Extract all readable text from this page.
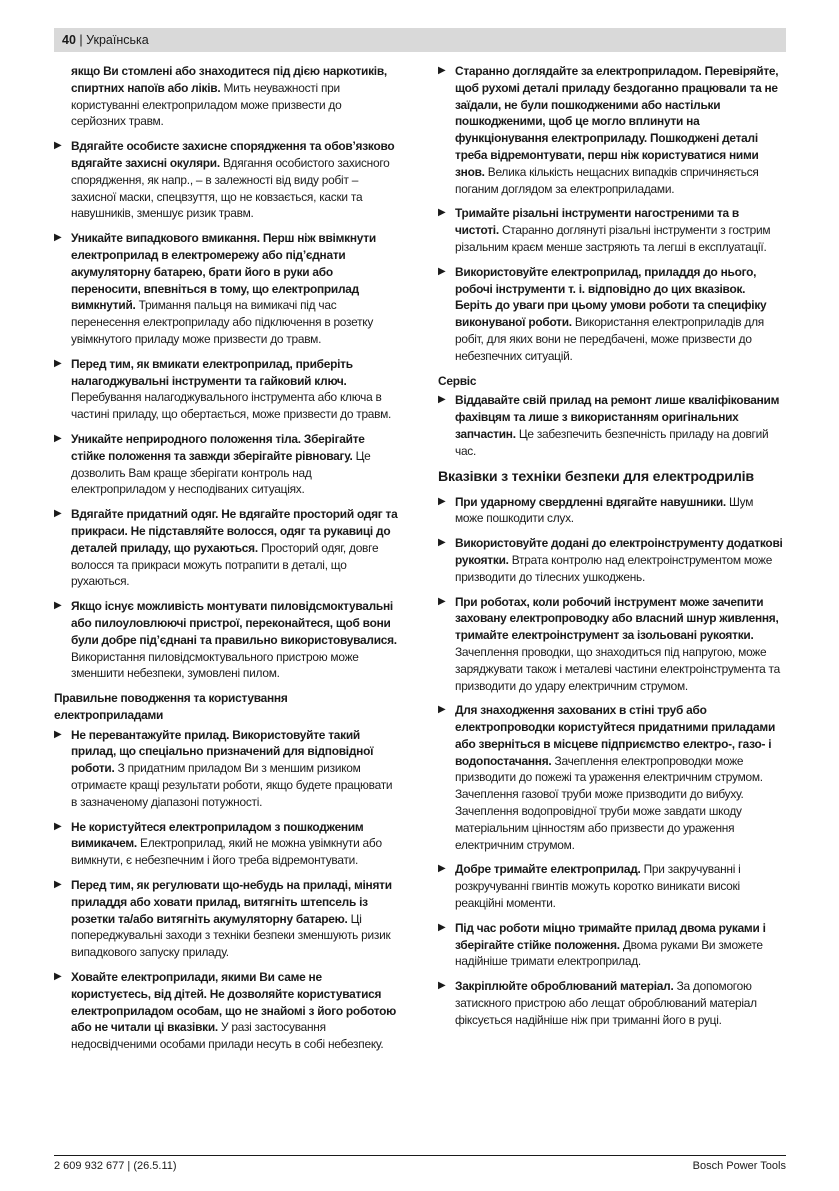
40 | Українська
якщо Ви стомлені або знаходитеся під дією наркотиків, спиртних напоїв або ліків. Мить неуважності при користуванні електроприладом може призвести до серйозних травм.
▶ Вдягайте особисте захисне спорядження та обов’язково вдягайте захисні окуляри. Вдягання особистого захисного спорядження, як напр., – в залежності від виду робіт – захисної маски, спецвзуття, що не ковзається, каски та навушників, зменшує ризик травм.
▶ Уникайте випадкового вмикання. Перш ніж ввімкнути електроприлад в електромережу або під’єднати акумуляторну батарею, брати його в руки або переносити, впевніться в тому, що електроприлад вимкнутий. Тримання пальця на вимикачі під час перенесення електроприладу або підключення в розетку увімкнутого приладу може призвести до травм.
▶ Перед тим, як вмикати електроприлад, приберіть налагоджувальні інструменти та гайковий ключ. Перебування налагоджувального інструмента або ключа в частині приладу, що обертається, може призвести до травм.
▶ Уникайте неприродного положення тіла. Зберігайте стійке положення та завжди зберігайте рівновагу. Це дозволить Вам краще зберігати контроль над електроприладом у несподіваних ситуаціях.
▶ Вдягайте придатний одяг. Не вдягайте просторий одяг та прикраси. Не підставляйте волосся, одяг та рукавиці до деталей приладу, що рухаються. Просторий одяг, довге волосся та прикраси можуть потрапити в деталі, що рухаються.
▶ Якщо існує можливість монтувати пиловідсмоктувальні або пилоуловлюючі пристрої, переконайтеся, щоб вони були добре під’єднані та правильно використовувалися. Використання пиловідсмоктувального пристрою може зменшити небезпеки, зумовлені пилом.
Правильне поводження та користування електроприладами
▶ Не перевантажуйте прилад. Використовуйте такий прилад, що спеціально призначений для відповідної роботи. З придатним приладом Ви з меншим ризиком отримаєте кращі результати роботи, якщо будете працювати в зазначеному діапазоні потужності.
▶ Не користуйтеся електроприладом з пошкодженим вимикачем. Електроприлад, який не можна увімкнути або вимкнути, є небезпечним і його треба відремонтувати.
▶ Перед тим, як регулювати що-небудь на приладі, міняти приладдя або ховати прилад, витягніть штепсель із розетки та/або витягніть акумуляторну батарею. Ці попереджувальні заходи з техніки безпеки зменшують ризик випадкового запуску приладу.
▶ Ховайте електроприлади, якими Ви саме не користуєтесь, від дітей. Не дозволяйте користуватися електроприладом особам, що не знайомі з його роботою або не читали ці вказівки. У разі застосування недосвідченими особами прилади несуть в собі небезпеку.
▶ Старанно доглядайте за електроприладом. Перевіряйте, щоб рухомі деталі приладу бездоганно працювали та не заїдали, не були пошкодженими або настільки пошкодженими, щоб це могло вплинути на функціонування електроприладу. Пошкоджені деталі треба відремонтувати, перш ніж користуватися ними знов. Велика кількість нещасних випадків спричиняється поганим доглядом за електроприладами.
▶ Тримайте різальні інструменти нагостреними та в чистоті. Старанно доглянуті різальні інструменти з гострим різальним краєм менше застряють та легші в експлуатації.
▶ Використовуйте електроприлад, приладдя до нього, робочі інструменти т. і. відповідно до цих вказівок. Беріть до уваги при цьому умови роботи та специфіку виконуваної роботи. Використання електроприладів для робіт, для яких вони не передбачені, може призвести до небезпечних ситуацій.
Сервіс
▶ Віддавайте свій прилад на ремонт лише кваліфікованим фахівцям та лише з використанням оригінальних запчастин. Це забезпечить безпечність приладу на довгий час.
Вказівки з техніки безпеки для електродрилів
▶ При ударному свердленні вдягайте навушники. Шум може пошкодити слух.
▶ Використовуйте додані до електроінструменту додаткові рукоятки. Втрата контролю над електроінструментом може призводити до тілесних ушкоджень.
▶ При роботах, коли робочий інструмент може зачепити заховану електропроводку або власний шнур живлення, тримайте електроінструмент за ізольовані рукоятки. Зачеплення проводки, що знаходиться під напругою, може заряджувати також і металеві частини електроінструмента та призводити до удару електричним струмом.
▶ Для знаходження захованих в стіні труб або електропроводки користуйтеся придатними приладами або зверніться в місцеве підприємство електро-, газо- і водопостачання. Зачеплення електропроводки може призводити до пожежі та ураження електричним струмом. Зачеплення газової труби може призводити до вибуху. Зачеплення водопровідної труби може завдати шкоду матеріальним цінностям або призвести до ураження електричним струмом.
▶ Добре тримайте електроприлад. При закручуванні і розкручуванні гвинтів можуть коротко виникати високі реакційні моменти.
▶ Під час роботи міцно тримайте прилад двома руками і зберігайте стійке положення. Двома руками Ви зможете надійніше тримати електроприлад.
▶ Закріплюйте оброблюваний матеріал. За допомогою затискного пристрою або лещат оброблюваний матеріал фіксується надійніше ніж при триманні його в руці.
2 609 932 677 | (26.5.11)	Bosch Power Tools
